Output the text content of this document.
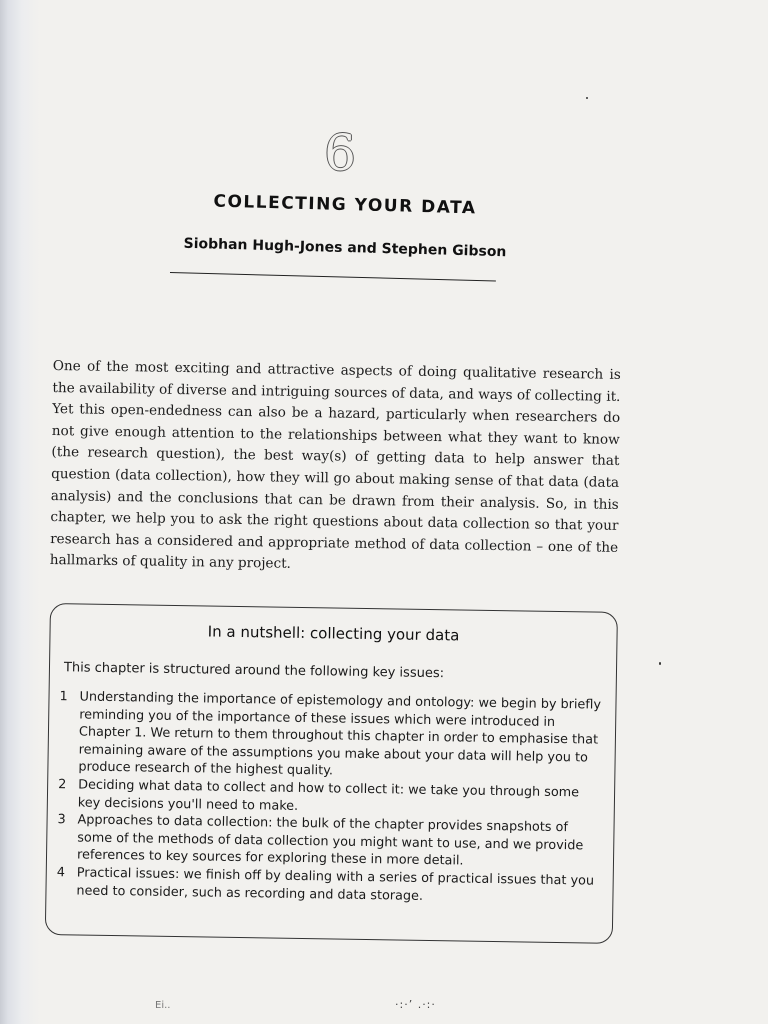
6
COLLECTING YOUR DATA
Siobhan Hugh-Jones and Stephen Gibson

One of the most exciting and attractive aspects of doing qualitative research is the availability of diverse and intriguing sources of data, and ways of collecting it. Yet this open-endedness can also be a hazard, particularly when researchers do not give enough attention to the relationships between what they want to know (the research question), the best way(s) of getting data to help answer that question (data collection), how they will go about making sense of that data (data analysis) and the conclusions that can be drawn from their analysis. So, in this chapter, we help you to ask the right questions about data collection so that your research has a considered and appropriate method of data collection – one of the hallmarks of quality in any project.

In a nutshell: collecting your data

This chapter is structured around the following key issues:

1 Understanding the importance of epistemology and ontology: we begin by briefly reminding you of the importance of these issues which were introduced in Chapter 1. We return to them throughout this chapter in order to emphasise that remaining aware of the assumptions you make about your data will help you to produce research of the highest quality.
2 Deciding what data to collect and how to collect it: we take you through some key decisions you'll need to make.
3 Approaches to data collection: the bulk of the chapter provides snapshots of some of the methods of data collection you might want to use, and we provide references to key sources for exploring these in more detail.
4 Practical issues: we finish off by dealing with a series of practical issues that you need to consider, such as recording and data storage.
Ei..	·:·’ .·:·
